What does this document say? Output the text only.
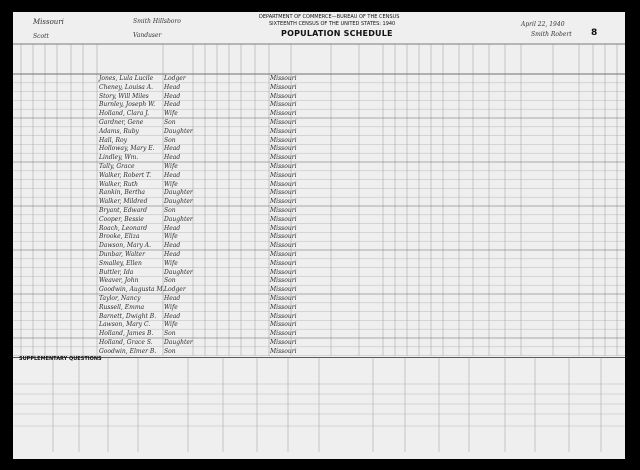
DEPARTMENT OF COMMERCE—BUREAU OF THE CENSUS
SIXTEENTH CENSUS OF THE UNITED STATES: 1940
POPULATION SCHEDULE
Missouri	Smith Hillsboro
Scott	Vanduser	8
April 22, 1940
Smith Robert
SUPPLEMENTARY QUESTIONS
Jones, Lula Lucile Lodger	Missouri
Cheney, Louisa A. Head	Missouri
Story, Will Miles	Head	Missouri
Burnley, Joseph W. Head	Missouri
Holland, Clara J. Wife	Missouri
Gardner, Gene	Son	Missouri
Adams, Ruby	Daughter	Missouri
Hall, Roy	Son	Missouri
Holloway, Mary E. Head	Missouri
Lindley, Wm.	Head	Missouri
Tally, Grace	Wife	Missouri
Walker, Robert T. Head	Missouri
Walker, Ruth	Wife	Missouri
Rankin, Bertha	Daughter	Missouri
Walker, Mildred	Daughter	Missouri
Bryant, Edward	Son	Missouri
Cooper, Bessie	Daughter	Missouri
Roach, Leonard	Head	Missouri
Brooke, Eliza	Wife	Missouri
Dawson, Mary A. Head	Missouri
Dunbar, Walter	Head	Missouri
Smalley, Ellen	Wife	Missouri
Buttler, Ida	Daughter	Missouri
Weaver, John	Son	Missouri
Goodwin, Augusta M. Lodger	Missouri
Taylor, Nancy	Head	Missouri
Russell, Emma	Wife	Missouri
Barnett, Dwight B. Head	Missouri
Lawson, Mary C. Wife	Missouri
Holland, James B. Son	Missouri
Holland, Grace S. Daughter	Missouri
Goodwin, Elmer B. Son	Missouri
